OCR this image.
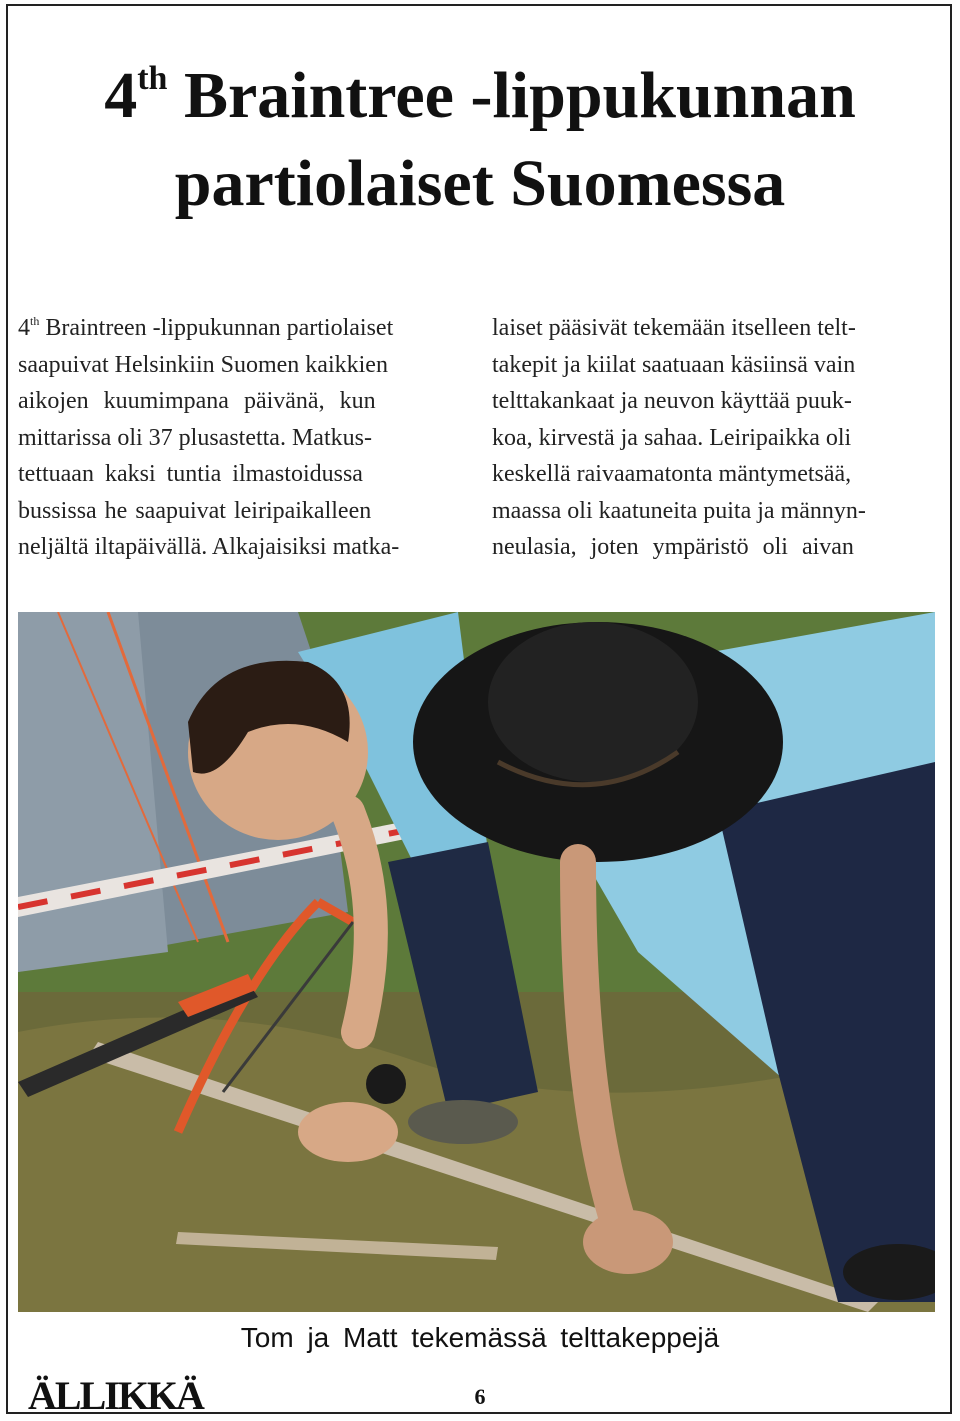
4th Braintree -lippukunnan
partiolaiset Suomessa
4th Braintreen -lippukunnan partiolaiset
saapuivat Helsinkiin Suomen kaikkien
aikojen kuumimpana päivänä, kun
mittarissa oli 37 plusastetta. Matkus-
tettuaan kaksi tuntia ilmastoidussa
bussissa he saapuivat leiripaikalleen
neljältä iltapäivällä. Alkajaisiksi matka-
laiset pääsivät tekemään itselleen telt-
takepit ja kiilat saatuaan käsiinsä vain
telttakankaat ja neuvon käyttää puuk-
koa, kirvestä ja sahaa. Leiripaikka oli
keskellä raivaamatonta mäntymetsää,
maassa oli kaatuneita puita ja männyn-
neulasia, joten ympäristö oli aivan
Tom ja Matt tekemässä telttakeppejä
ÄLLIKKÄ	6
